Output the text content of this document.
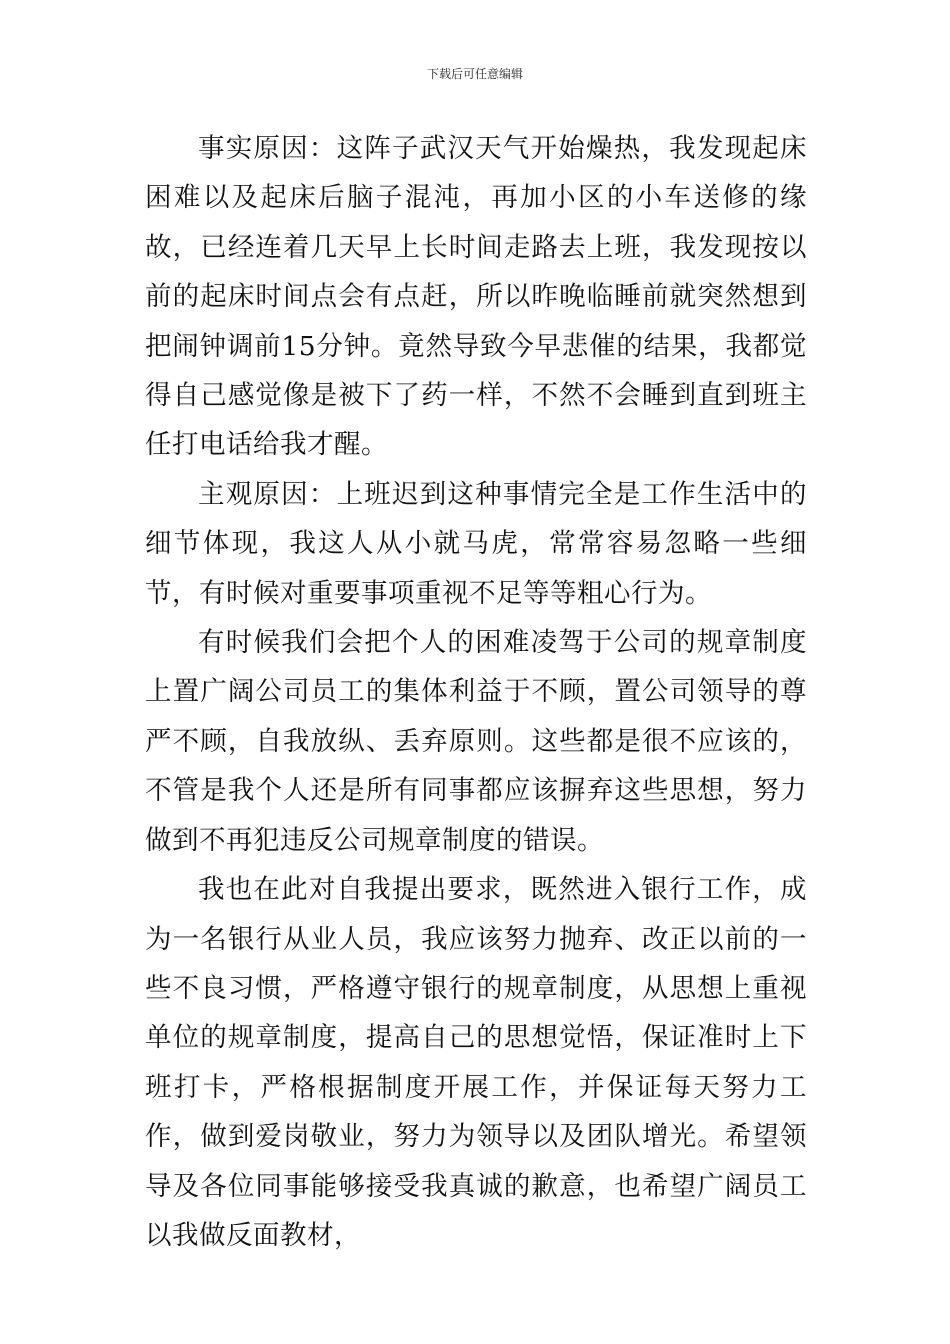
下载后可任意编辑

事实原因：这阵子武汉天气开始燥热，我发现起床困难以及起床后脑子混沌，再加小区的小车送修的缘故，已经连着几天早上长时间走路去上班，我发现按以前的起床时间点会有点赶，所以昨晚临睡前就突然想到把闹钟调前15分钟。竟然导致今早悲催的结果，我都觉得自己感觉像是被下了药一样，不然不会睡到直到班主任打电话给我才醒。

主观原因：上班迟到这种事情完全是工作生活中的细节体现，我这人从小就马虎，常常容易忽略一些细节，有时候对重要事项重视不足等等粗心行为。

有时候我们会把个人的困难凌驾于公司的规章制度上置广阔公司员工的集体利益于不顾，置公司领导的尊严不顾，自我放纵、丢弃原则。这些都是很不应该的，不管是我个人还是所有同事都应该摒弃这些思想，努力做到不再犯违反公司规章制度的错误。

我也在此对自我提出要求，既然进入银行工作，成为一名银行从业人员，我应该努力抛弃、改正以前的一些不良习惯，严格遵守银行的规章制度，从思想上重视单位的规章制度，提高自己的思想觉悟，保证准时上下班打卡，严格根据制度开展工作，并保证每天努力工作，做到爱岗敬业，努力为领导以及团队增光。希望领导及各位同事能够接受我真诚的歉意，也希望广阔员工以我做反面教材，
